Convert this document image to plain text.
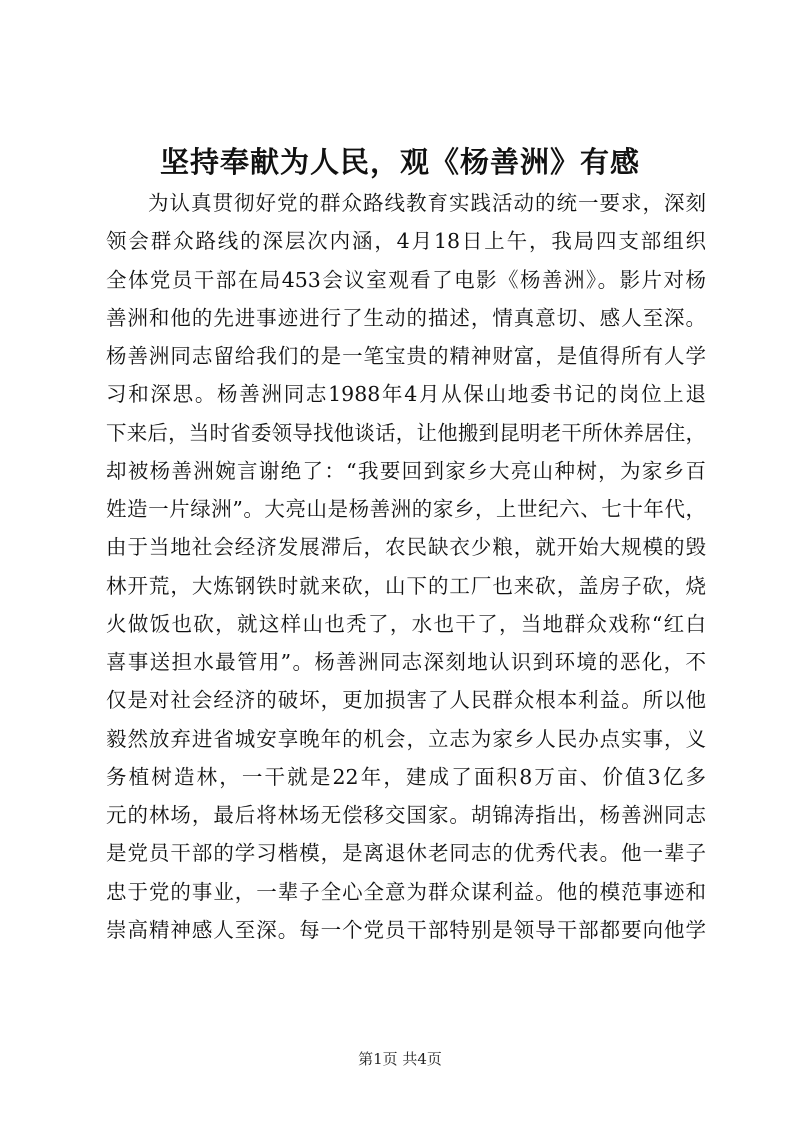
坚持奉献为人民，观《杨善洲》有感
为认真贯彻好党的群众路线教育实践活动的统一要求，深刻
领会群众路线的深层次内涵，4月18日上午，我局四支部组织
全体党员干部在局453会议室观看了电影《杨善洲》。影片对杨
善洲和他的先进事迹进行了生动的描述，情真意切、感人至深。
杨善洲同志留给我们的是一笔宝贵的精神财富，是值得所有人学
习和深思。杨善洲同志1988年4月从保山地委书记的岗位上退
下来后，当时省委领导找他谈话，让他搬到昆明老干所休养居住，
却被杨善洲婉言谢绝了：“我要回到家乡大亮山种树，为家乡百
姓造一片绿洲”。大亮山是杨善洲的家乡，上世纪六、七十年代，
由于当地社会经济发展滞后，农民缺衣少粮，就开始大规模的毁
林开荒，大炼钢铁时就来砍，山下的工厂也来砍，盖房子砍，烧
火做饭也砍，就这样山也秃了，水也干了，当地群众戏称“红白
喜事送担水最管用”。杨善洲同志深刻地认识到环境的恶化，不
仅是对社会经济的破坏，更加损害了人民群众根本利益。所以他
毅然放弃进省城安享晚年的机会，立志为家乡人民办点实事，义
务植树造林，一干就是22年，建成了面积8万亩、价值3亿多
元的林场，最后将林场无偿移交国家。胡锦涛指出，杨善洲同志
是党员干部的学习楷模，是离退休老同志的优秀代表。他一辈子
忠于党的事业，一辈子全心全意为群众谋利益。他的模范事迹和
崇高精神感人至深。每一个党员干部特别是领导干部都要向他学
第1页 共4页
